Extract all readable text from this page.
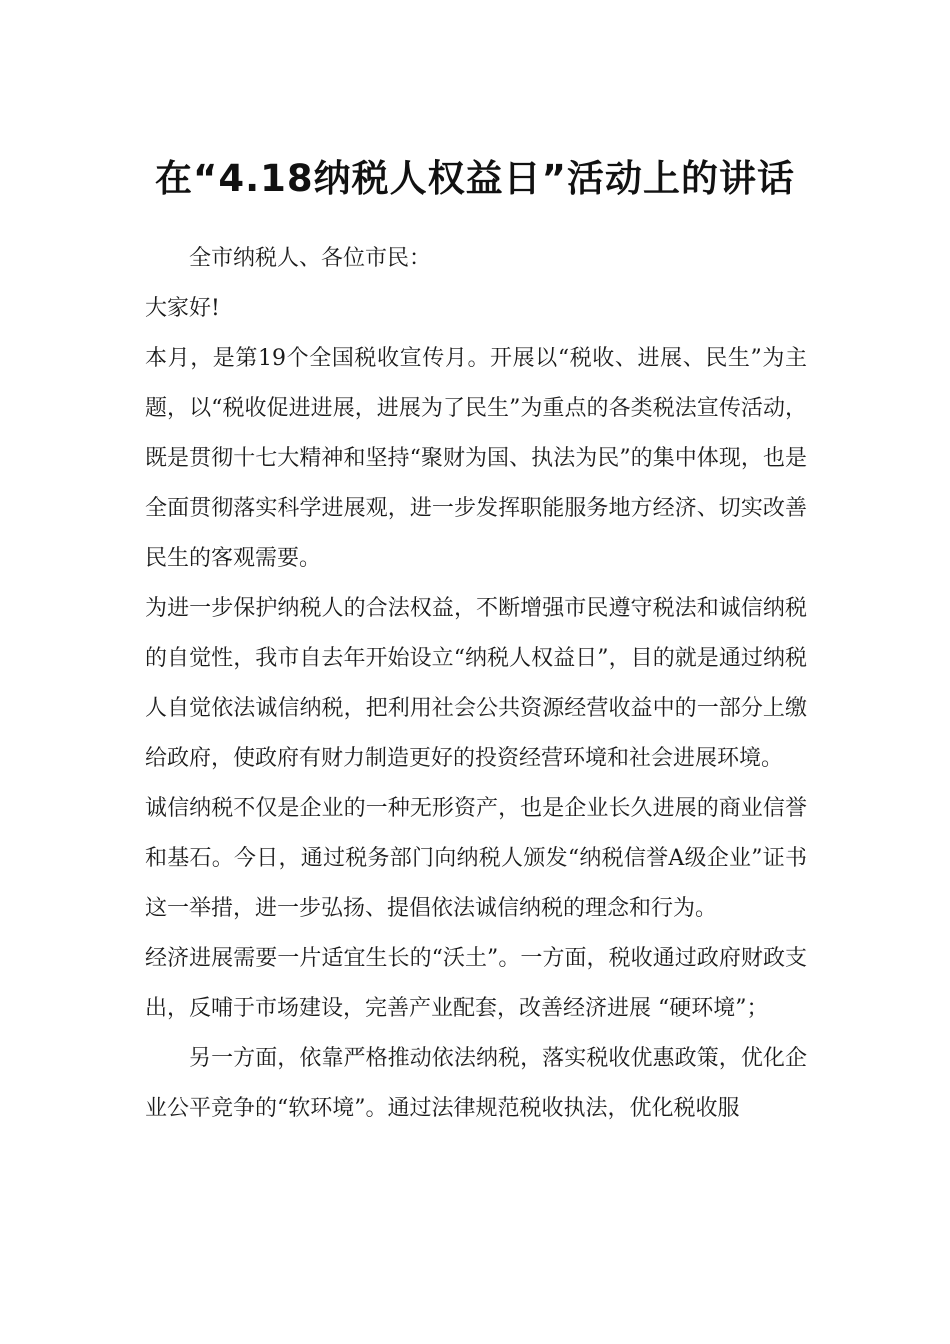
在“4.18纳税人权益日”活动上的讲话

全市纳税人、各位市民：

大家好!

本月，是第19个全国税收宣传月。开展以“税收、进展、民生”为主题，以“税收促进进展，进展为了民生”为重点的各类税法宣传活动，既是贯彻十七大精神和坚持“聚财为国、执法为民”的集中体现，也是全面贯彻落实科学进展观，进一步发挥职能服务地方经济、切实改善民生的客观需要。

为进一步保护纳税人的合法权益，不断增强市民遵守税法和诚信纳税的自觉性，我市自去年开始设立“纳税人权益日”，目的就是通过纳税人自觉依法诚信纳税，把利用社会公共资源经营收益中的一部分上缴给政府，使政府有财力制造更好的投资经营环境和社会进展环境。

诚信纳税不仅是企业的一种无形资产，也是企业长久进展的商业信誉和基石。今日，通过税务部门向纳税人颁发“纳税信誉A级企业”证书这一举措，进一步弘扬、提倡依法诚信纳税的理念和行为。

经济进展需要一片适宜生长的“沃土”。一方面，税收通过政府财政支出，反哺于市场建设，完善产业配套，改善经济进展 “硬环境”；

另一方面，依靠严格推动依法纳税，落实税收优惠政策，优化企业公平竞争的“软环境”。通过法律规范税收执法，优化税收服
